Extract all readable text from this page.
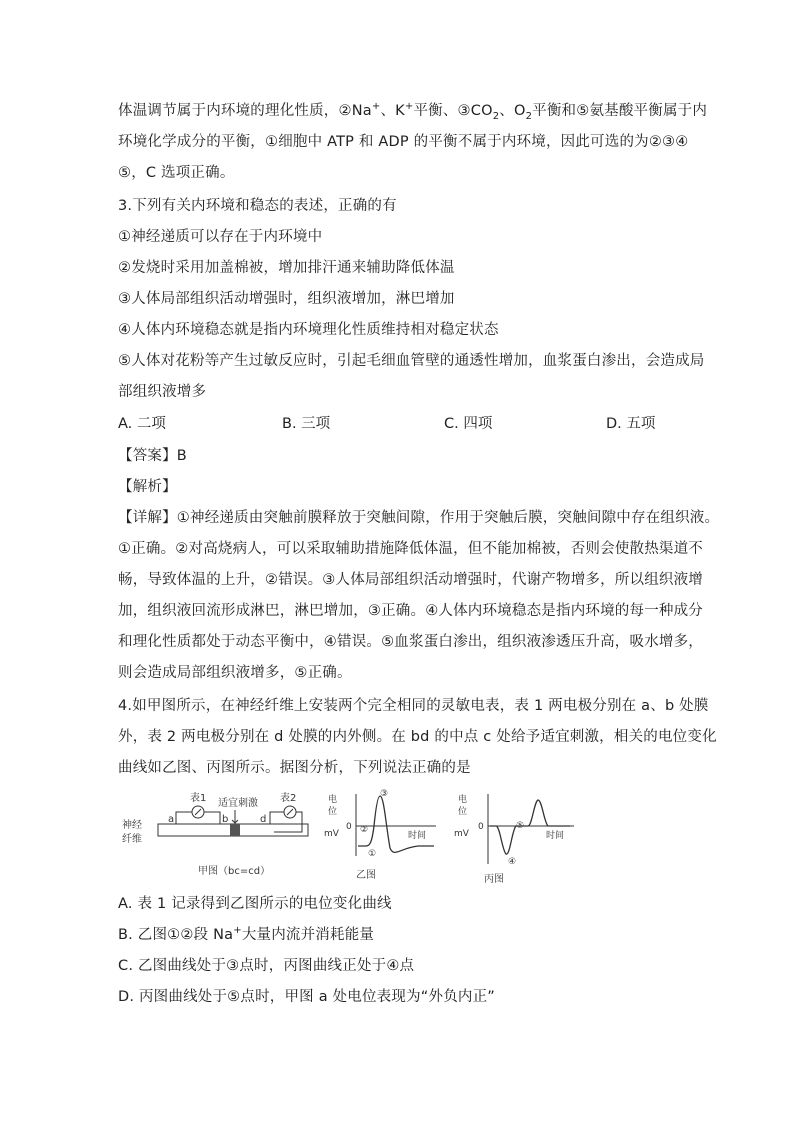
体温调节属于内环境的理化性质，②Na+、K+平衡、$③CO_2$、$O_2$平衡和⑤氨基酸平衡属于内
环境化学成分的平衡，①细胞中 ATP 和 ADP 的平衡不属于内环境，因此可选的为②③④
⑤，C 选项正确。
3.下列有关内环境和稳态的表述，正确的有
①神经递质可以存在于内环境中
②发烧时采用加盖棉被，增加排汗通来辅助降低体温
③人体局部组织活动增强时，组织液增加，淋巴增加
④人体内环境稳态就是指内环境理化性质维持相对稳定状态
⑤人体对花粉等产生过敏反应时，引起毛细血管壁的通透性增加，血浆蛋白渗出，会造成局
部组织液增多
A. 二项	B. 三项	C. 四项	D. 五项
【答案】B
【解析】
【详解】①神经递质由突触前膜释放于突触间隙，作用于突触后膜，突触间隙中存在组织液。
①正确。②对高烧病人，可以采取辅助措施降低体温，但不能加棉被，否则会使散热渠道不
畅，导致体温的上升，②错误。③人体局部组织活动增强时，代谢产物增多，所以组织液增
加，组织液回流形成淋巴，淋巴增加，③正确。④人体内环境稳态是指内环境的每一种成分
和理化性质都处于动态平衡中，④错误。⑤血浆蛋白渗出，组织液渗透压升高，吸水增多，
则会造成局部组织液增多，⑤正确。
4.如甲图所示，在神经纤维上安装两个完全相同的灵敏电表，表 1 两电极分别在 a、b 处膜
外，表 2 两电极分别在 d 处膜的内外侧。在 bd 的中点 c 处给予适宜刺激，相关的电位变化
曲线如乙图、丙图所示。据图分析，下列说法正确的是
神经
纤维
适宜刺激
表1
a	b
表2
d
甲图（bc=cd）
电
位
mV
0
时间
①
②
③
乙图
电
位
mV
0
时间
④
⑤
丙图
A. 表 1 记录得到乙图所示的电位变化曲线
B. 乙图①②段 Na+大量内流并消耗能量
C. 乙图曲线处于③点时，丙图曲线正处于④点
D. 丙图曲线处于⑤点时，甲图 a 处电位表现为“外负内正”
